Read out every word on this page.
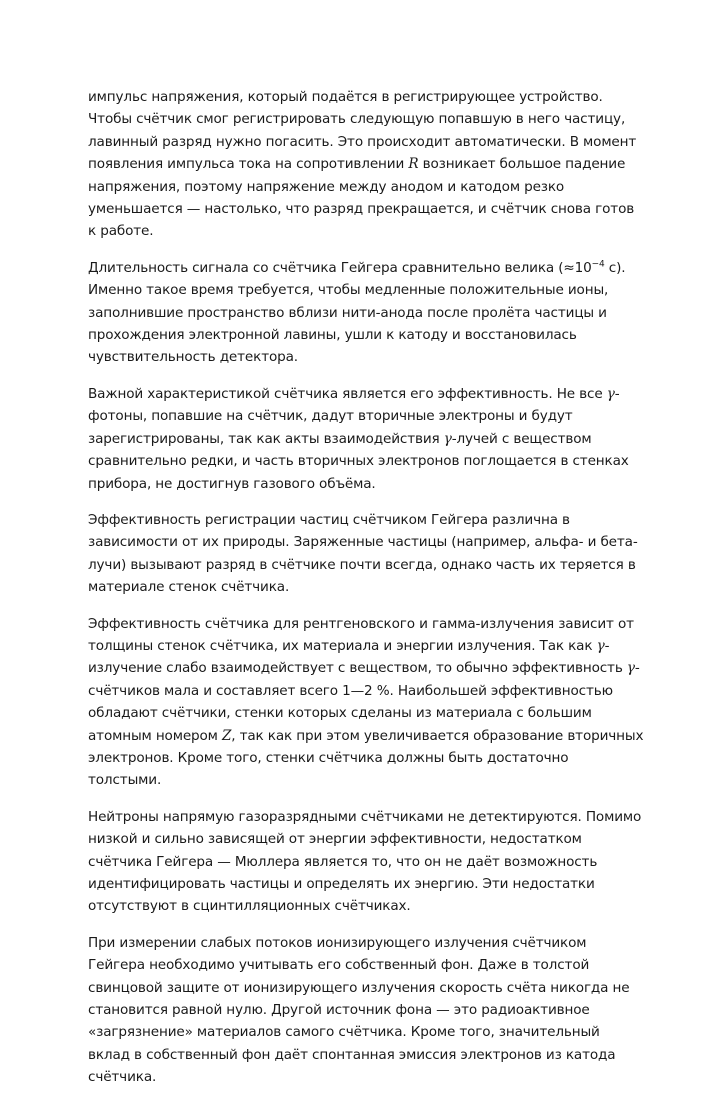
импульс напряжения, который подаётся в регистрирующее устройство. Чтобы счётчик смог регистрировать следующую попавшую в него частицу, лавинный разряд нужно погасить. Это происходит автоматически. В момент появления импульса тока на сопротивлении R возникает большое падение напряжения, поэтому напряжение между анодом и катодом резко уменьшается — настолько, что разряд прекращается, и счётчик снова готов к работе.

Длительность сигнала со счётчика Гейгера сравнительно велика ($\approx 10^{-4}$ с). Именно такое время требуется, чтобы медленные положительные ионы, заполнившие пространство вблизи нити-анода после пролёта частицы и прохождения электронной лавины, ушли к катоду и восстановилась чувствительность детектора.

Важной характеристикой счётчика является его эффективность. Не все γ-фотоны, попавшие на счётчик, дадут вторичные электроны и будут зарегистрированы, так как акты взаимодействия γ-лучей с веществом сравнительно редки, и часть вторичных электронов поглощается в стенках прибора, не достигнув газового объёма.

Эффективность регистрации частиц счётчиком Гейгера различна в зависимости от их природы. Заряженные частицы (например, альфа- и бета-лучи) вызывают разряд в счётчике почти всегда, однако часть их теряется в материале стенок счётчика.

Эффективность счётчика для рентгеновского и гамма-излучения зависит от толщины стенок счётчика, их материала и энергии излучения. Так как γ-излучение слабо взаимодействует с веществом, то обычно эффективность γ-счётчиков мала и составляет всего 1—2 %. Наибольшей эффективностью обладают счётчики, стенки которых сделаны из материала с большим атомным номером Z, так как при этом увеличивается образование вторичных электронов. Кроме того, стенки счётчика должны быть достаточно толстыми.

Нейтроны напрямую газоразрядными счётчиками не детектируются. Помимо низкой и сильно зависящей от энергии эффективности, недостатком счётчика Гейгера — Мюллера является то, что он не даёт возможность идентифицировать частицы и определять их энергию. Эти недостатки отсутствуют в сцинтилляционных счётчиках.

При измерении слабых потоков ионизирующего излучения счётчиком Гейгера необходимо учитывать его собственный фон. Даже в толстой свинцовой защите от ионизирующего излучения скорость счёта никогда не становится равной нулю. Другой источник фона — это радиоактивное «загрязнение» материалов самого счётчика. Кроме того, значительный вклад в собственный фон даёт спонтанная эмиссия электронов из катода счётчика.
